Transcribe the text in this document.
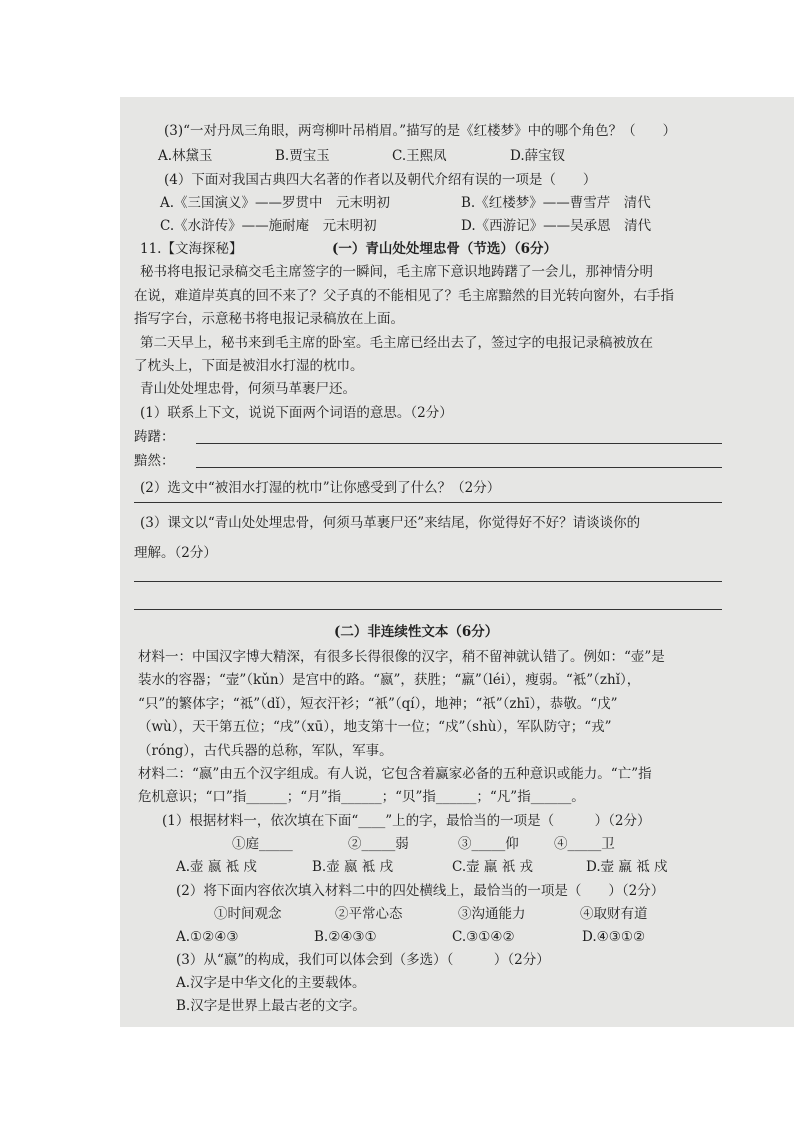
(3)“一对丹凤三角眼，两弯柳叶吊梢眉。”描写的是《红楼梦》中的哪个角色？（　　）
A.林黛玉	B.贾宝玉	C.王熙凤	D.薛宝钗
(4）下面对我国古典四大名著的作者以及朝代介绍有误的一项是（　　）
A.《三国演义》——罗贯中　元末明初	B.《红楼梦》——曹雪芹　清代
C.《水浒传》——施耐庵　元末明初	D.《西游记》——吴承恩　清代
11.【文海探秘】	(一）青山处处埋忠骨（节选）（6分）
秘书将电报记录稿交毛主席签字的一瞬间，毛主席下意识地踌躇了一会儿，那神情分明
在说，难道岸英真的回不来了？父子真的不能相见了？毛主席黯然的目光转向窗外，右手指
指写字台，示意秘书将电报记录稿放在上面。
第二天早上，秘书来到毛主席的卧室。毛主席已经出去了，签过字的电报记录稿被放在
了枕头上，下面是被泪水打湿的枕巾。
青山处处埋忠骨，何须马革裹尸还。
(1）联系上下文，说说下面两个词语的意思。（2分）
踌躇：
黯然：
(2）选文中“被泪水打湿的枕巾”让你感受到了什么？（2分）
(3）课文以“青山处处埋忠骨，何须马革裹尸还”来结尾，你觉得好不好？请谈谈你的
理解。（2分）
(二）非连续性文本（6分）
材料一：中国汉字博大精深，有很多长得很像的汉字，稍不留神就认错了。例如：“壶”是
装水的容器；“壸”（kǔn）是宫中的路。“嬴”，获胜；“羸”（léi），瘦弱。“袛”（zhǐ），
“只”的繁体字；“祗”（dǐ），短衣汗衫；“衹”（qí），地神；“祇”（zhī），恭敬。“戊”
（wù），天干第五位；“戌”（xū），地支第十一位；“戍”（shù），军队防守；“戎”
（róng），古代兵器的总称，军队，军事。
材料二：“嬴”由五个汉字组成。有人说，它包含着赢家必备的五种意识或能力。“亡”指
危机意识；“口”指______；“月”指______；“贝”指______；“凡”指______。
(1）根据材料一，依次填在下面“____”上的字，最恰当的一项是（　　　）（2分）
①庭_____	②_____弱	③_____仰	④_____卫
A.壶 嬴 袛 戍	B.壶 嬴 袛 戌	C.壸 羸 祇 戎	D.壸 羸 祗 戍
(2）将下面内容依次填入材料二中的四处横线上，最恰当的一项是（　　）（2分）
①时间观念	②平常心态	③沟通能力	④取财有道
A.①②④③	B.②④③①	C.③①④②	D.④③①②
(3）从“嬴”的构成，我们可以体会到（多选）（　　　）（2分）
A.汉字是中华文化的主要载体。
B.汉字是世界上最古老的文字。
